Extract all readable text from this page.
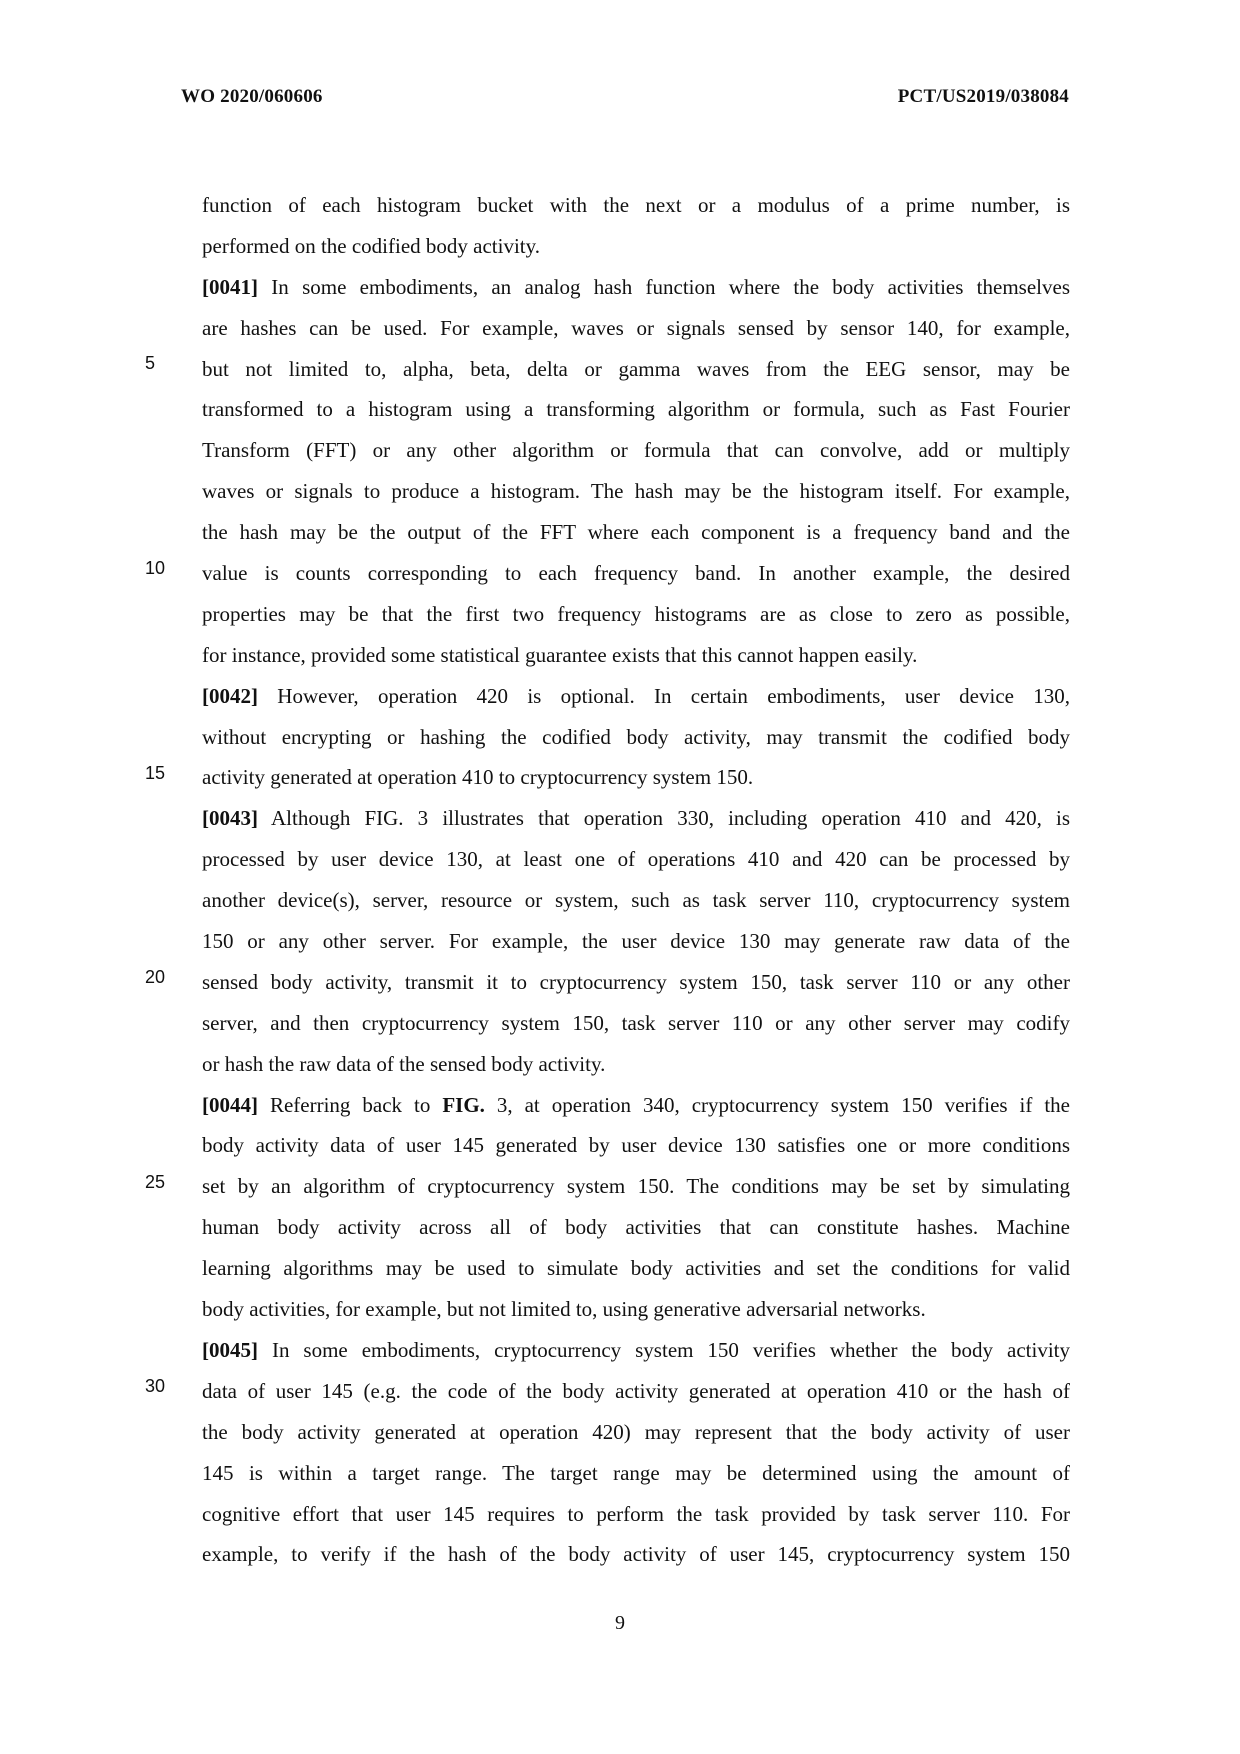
WO 2020/060606	PCT/US2019/038084
5
10
15
20
25
30
function of each histogram bucket with the next or a modulus of a prime number, is
performed on the codified body activity.
[0041] In some embodiments, an analog hash function where the body activities themselves
are hashes can be used. For example, waves or signals sensed by sensor 140, for example,
but not limited to, alpha, beta, delta or gamma waves from the EEG sensor, may be
transformed to a histogram using a transforming algorithm or formula, such as Fast Fourier
Transform (FFT) or any other algorithm or formula that can convolve, add or multiply
waves or signals to produce a histogram. The hash may be the histogram itself. For example,
the hash may be the output of the FFT where each component is a frequency band and the
value is counts corresponding to each frequency band. In another example, the desired
properties may be that the first two frequency histograms are as close to zero as possible,
for instance, provided some statistical guarantee exists that this cannot happen easily.
[0042] However, operation 420 is optional. In certain embodiments, user device 130,
without encrypting or hashing the codified body activity, may transmit the codified body
activity generated at operation 410 to cryptocurrency system 150.
[0043] Although FIG. 3 illustrates that operation 330, including operation 410 and 420, is
processed by user device 130, at least one of operations 410 and 420 can be processed by
another device(s), server, resource or system, such as task server 110, cryptocurrency system
150 or any other server. For example, the user device 130 may generate raw data of the
sensed body activity, transmit it to cryptocurrency system 150, task server 110 or any other
server, and then cryptocurrency system 150, task server 110 or any other server may codify
or hash the raw data of the sensed body activity.
[0044] Referring back to FIG. 3, at operation 340, cryptocurrency system 150 verifies if the
body activity data of user 145 generated by user device 130 satisfies one or more conditions
set by an algorithm of cryptocurrency system 150. The conditions may be set by simulating
human body activity across all of body activities that can constitute hashes. Machine
learning algorithms may be used to simulate body activities and set the conditions for valid
body activities, for example, but not limited to, using generative adversarial networks.
[0045] In some embodiments, cryptocurrency system 150 verifies whether the body activity
data of user 145 (e.g. the code of the body activity generated at operation 410 or the hash of
the body activity generated at operation 420) may represent that the body activity of user
145 is within a target range. The target range may be determined using the amount of
cognitive effort that user 145 requires to perform the task provided by task server 110. For
example, to verify if the hash of the body activity of user 145, cryptocurrency system 150
9
